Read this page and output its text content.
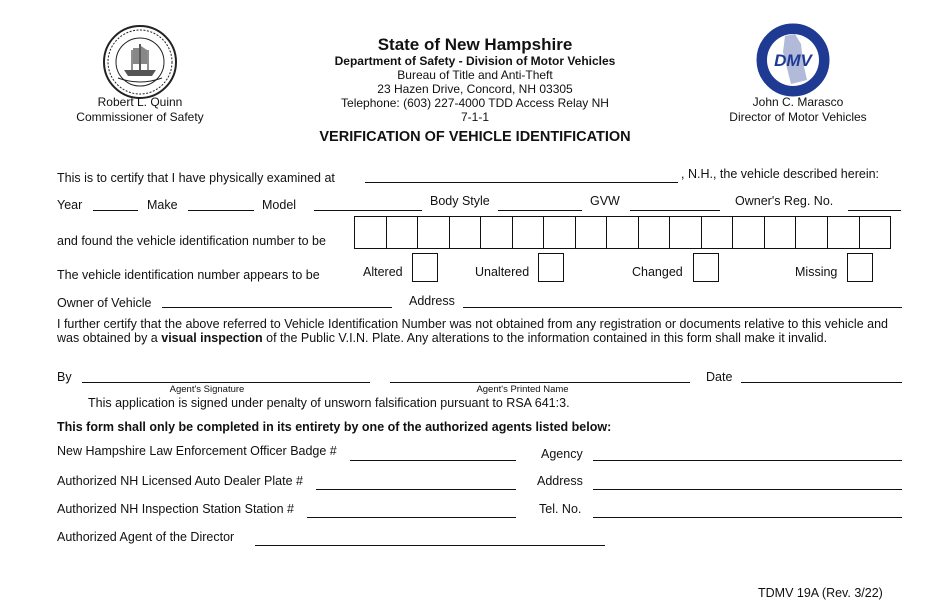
Robert L. Quinn
Commissioner of Safety
State of New Hampshire
Department of Safety - Division of Motor Vehicles
Bureau of Title and Anti-Theft
23 Hazen Drive, Concord, NH 03305
Telephone: (603) 227-4000 TDD Access Relay NH
7-1-1
DMV
John C. Marasco
Director of Motor Vehicles
VERIFICATION OF VEHICLE IDENTIFICATION
This is to certify that I have physically examined at	, N.H., the vehicle described herein:
Year	Make	Model	Body Style	GVW	Owner's Reg. No.
and found the vehicle identification number to be
The vehicle identification number appears to be	Altered	Unaltered	Changed	Missing
Owner of Vehicle	Address
I further certify that the above referred to Vehicle Identification Number was not obtained from any registration or documents relative to this vehicle and
was obtained by a visual inspection of the Public V.I.N. Plate. Any alterations to the information contained in this form shall make it invalid.
By
Agent's Signature	Agent's Printed Name
Date
This application is signed under penalty of unsworn falsification pursuant to RSA 641:3.
This form shall only be completed in its entirety by one of the authorized agents listed below:
New Hampshire Law Enforcement Officer Badge #	Agency
Authorized NH Licensed Auto Dealer Plate #	Address
Authorized NH Inspection Station Station #	Tel. No.
Authorized Agent of the Director
TDMV 19A (Rev. 3/22)
